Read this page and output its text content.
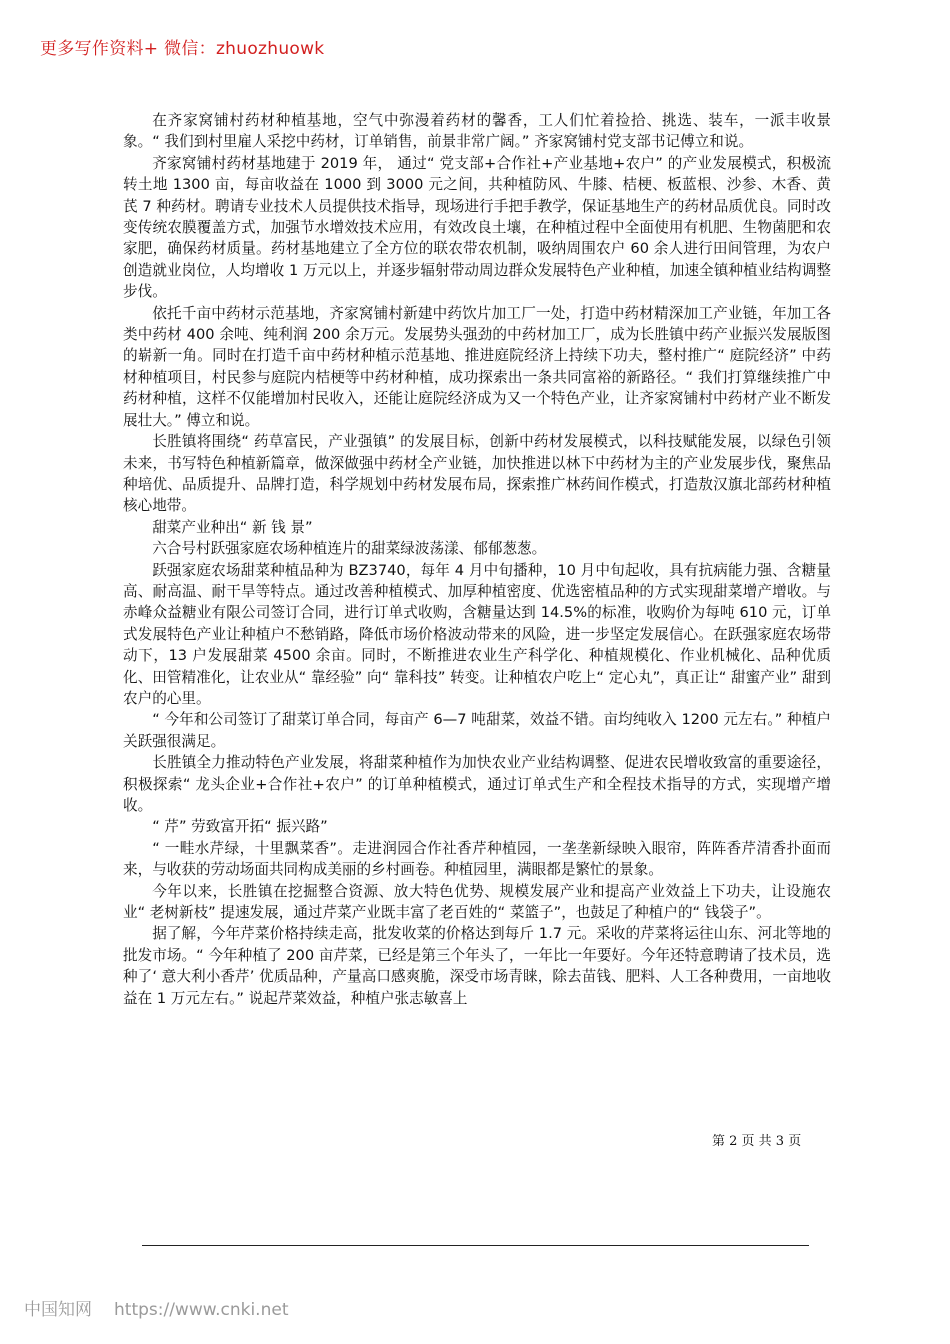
更多写作资料+ 微信：zhuozhuowk

在齐家窝铺村药材种植基地，空气中弥漫着药材的馨香，工人们忙着捡拾、挑选、装车，一派丰收景象。“ 我们到村里雇人采挖中药材，订单销售，前景非常广阔。” 齐家窝铺村党支部书记傅立和说。

齐家窝铺村药材基地建于 2019 年， 通过“ 党支部+合作社+产业基地+农户” 的产业发展模式，积极流转土地 1300 亩，每亩收益在 1000 到 3000 元之间，共种植防风、牛膝、桔梗、板蓝根、沙参、木香、黄芪 7 种药材。聘请专业技术人员提供技术指导，现场进行手把手教学，保证基地生产的药材品质优良。同时改变传统农膜覆盖方式，加强节水增效技术应用，有效改良土壤，在种植过程中全面使用有机肥、生物菌肥和农家肥，确保药材质量。药材基地建立了全方位的联农带农机制，吸纳周围农户 60 余人进行田间管理，为农户创造就业岗位，人均增收 1 万元以上，并逐步辐射带动周边群众发展特色产业种植，加速全镇种植业结构调整步伐。

依托千亩中药材示范基地，齐家窝铺村新建中药饮片加工厂一处，打造中药材精深加工产业链，年加工各类中药材 400 余吨、纯利润 200 余万元。发展势头强劲的中药材加工厂，成为长胜镇中药产业振兴发展版图的崭新一角。同时在打造千亩中药材种植示范基地、推进庭院经济上持续下功夫，整村推广“ 庭院经济” 中药材种植项目，村民参与庭院内桔梗等中药材种植，成功探索出一条共同富裕的新路径。“ 我们打算继续推广中药材种植，这样不仅能增加村民收入，还能让庭院经济成为又一个特色产业，让齐家窝铺村中药材产业不断发展壮大。” 傅立和说。

长胜镇将围绕“ 药草富民，产业强镇” 的发展目标，创新中药材发展模式，以科技赋能发展，以绿色引领未来，书写特色种植新篇章，做深做强中药材全产业链，加快推进以林下中药材为主的产业发展步伐，聚焦品种培优、品质提升、品牌打造，科学规划中药材发展布局，探索推广林药间作模式，打造敖汉旗北部药材种植核心地带。

甜菜产业种出“ 新 钱 景”

六合号村跃强家庭农场种植连片的甜菜绿波荡漾、郁郁葱葱。

跃强家庭农场甜菜种植品种为 BZ3740，每年 4 月中旬播种，10 月中旬起收，具有抗病能力强、含糖量高、耐高温、耐干旱等特点。通过改善种植模式、加厚种植密度、优选密植品种的方式实现甜菜增产增收。与赤峰众益糖业有限公司签订合同，进行订单式收购，含糖量达到 14.5%的标准，收购价为每吨 610 元，订单式发展特色产业让种植户不愁销路，降低市场价格波动带来的风险，进一步坚定发展信心。在跃强家庭农场带动下，13 户发展甜菜 4500 余亩。同时，不断推进农业生产科学化、种植规模化、作业机械化、品种优质化、田管精准化，让农业从“ 靠经验” 向“ 靠科技” 转变。让种植农户吃上“ 定心丸”，真正让“ 甜蜜产业” 甜到农户的心里。

“ 今年和公司签订了甜菜订单合同，每亩产 6—7 吨甜菜，效益不错。亩均纯收入 1200 元左右。” 种植户关跃强很满足。

长胜镇全力推动特色产业发展，将甜菜种植作为加快农业产业结构调整、促进农民增收致富的重要途径，积极探索“ 龙头企业+合作社+农户” 的订单种植模式，通过订单式生产和全程技术指导的方式，实现增产增收。

“ 芹” 劳致富开拓“ 振兴路”

“ 一畦水芹绿，十里飘菜香”。走进润园合作社香芹种植园，一垄垄新绿映入眼帘，阵阵香芹清香扑面而来，与收获的劳动场面共同构成美丽的乡村画卷。种植园里，满眼都是繁忙的景象。

今年以来，长胜镇在挖掘整合资源、放大特色优势、规模发展产业和提高产业效益上下功夫，让设施农业“ 老树新枝” 提速发展，通过芹菜产业既丰富了老百姓的“ 菜篮子”，也鼓足了种植户的“ 钱袋子”。

据了解，今年芹菜价格持续走高，批发收菜的价格达到每斤 1.7 元。采收的芹菜将运往山东、河北等地的批发市场。“ 今年种植了 200 亩芹菜，已经是第三个年头了，一年比一年要好。今年还特意聘请了技术员，选种了‘ 意大利小香芹’ 优质品种，产量高口感爽脆，深受市场青睐，除去苗钱、肥料、人工各种费用，一亩地收益在 1 万元左右。” 说起芹菜效益，种植户张志敏喜上

第 2 页 共 3 页
中国知网 https://www.cnki.net
